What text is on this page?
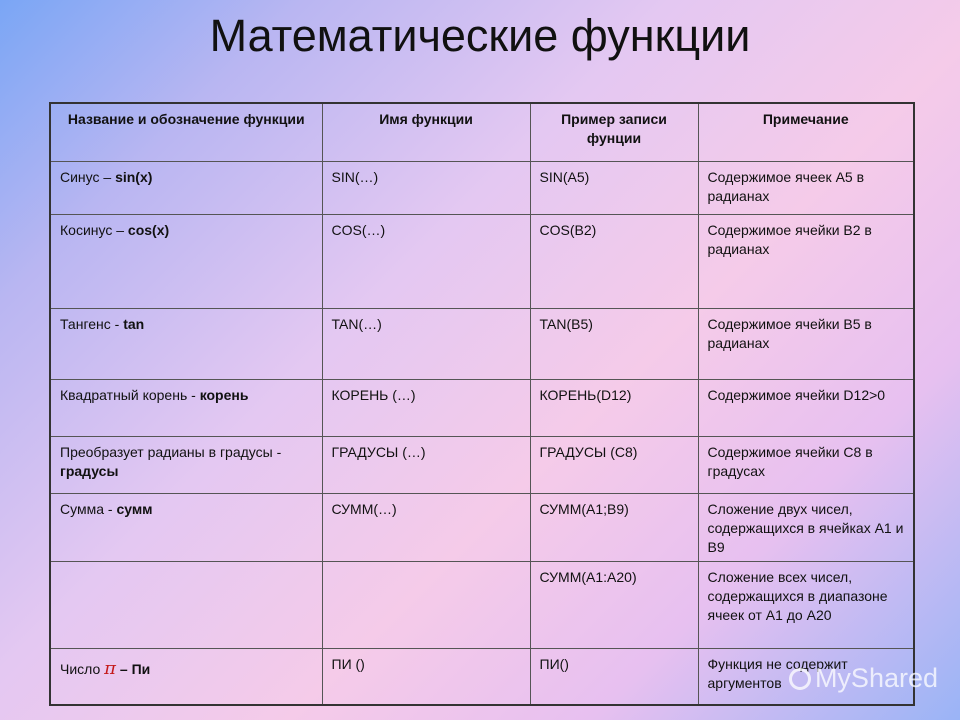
Математические функции
Название и обозначение функции	Имя функции	Пример записи фунции	Примечание
Синус – sin(x)	SIN(…)	SIN(A5)	Содержимое ячеек A5 в радианах
Косинус – cos(x)	COS(…)	COS(B2)	Содержимое ячейки B2 в радианах
Тангенс - tan	TAN(…)	TAN(B5)	Содержимое ячейки B5 в радианах
Квадратный корень - корень	КОРЕНЬ (…)	КОРЕНЬ(D12)	Содержимое ячейки D12>0
Преобразует радианы в градусы - градусы	ГРАДУСЫ (…)	ГРАДУСЫ (C8)	Содержимое ячейки C8 в градусах
Сумма - сумм	СУММ(…)	СУММ(A1;B9)	Сложение двух чисел, содержащихся в ячейках A1 и B9
		СУММ(A1:A20)	Сложение всех чисел, содержащихся в диапазоне ячеек от A1 до A20
Число π – Пи	ПИ ()	ПИ()	Функция не содержит аргументов	MyShared
